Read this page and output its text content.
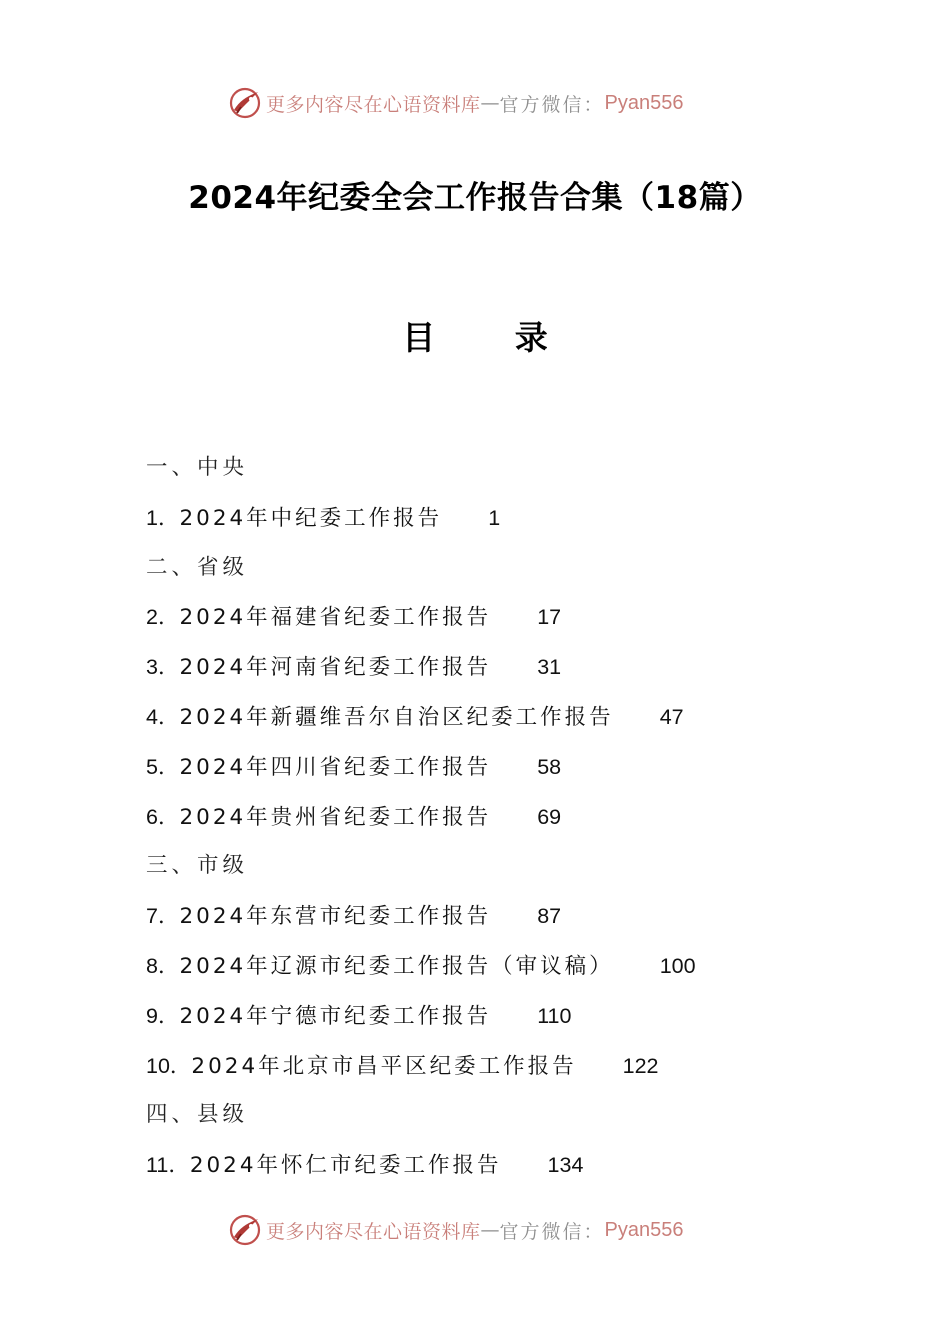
更多内容尽在心语资料库 — 官方微信： Pyan556
2024年纪委全会工作报告合集（18篇）
目 录
一、中央
1．2024年中纪委工作报告 1
二、省级
2．2024年福建省纪委工作报告 17
3．2024年河南省纪委工作报告 31
4．2024年新疆维吾尔自治区纪委工作报告 47
5．2024年四川省纪委工作报告 58
6．2024年贵州省纪委工作报告 69
三、市级
7．2024年东营市纪委工作报告 87
8．2024年辽源市纪委工作报告（审议稿） 100
9．2024年宁德市纪委工作报告 110
10．2024年北京市昌平区纪委工作报告 122
四、县级
11．2024年怀仁市纪委工作报告 134
更多内容尽在心语资料库 — 官方微信： Pyan556
